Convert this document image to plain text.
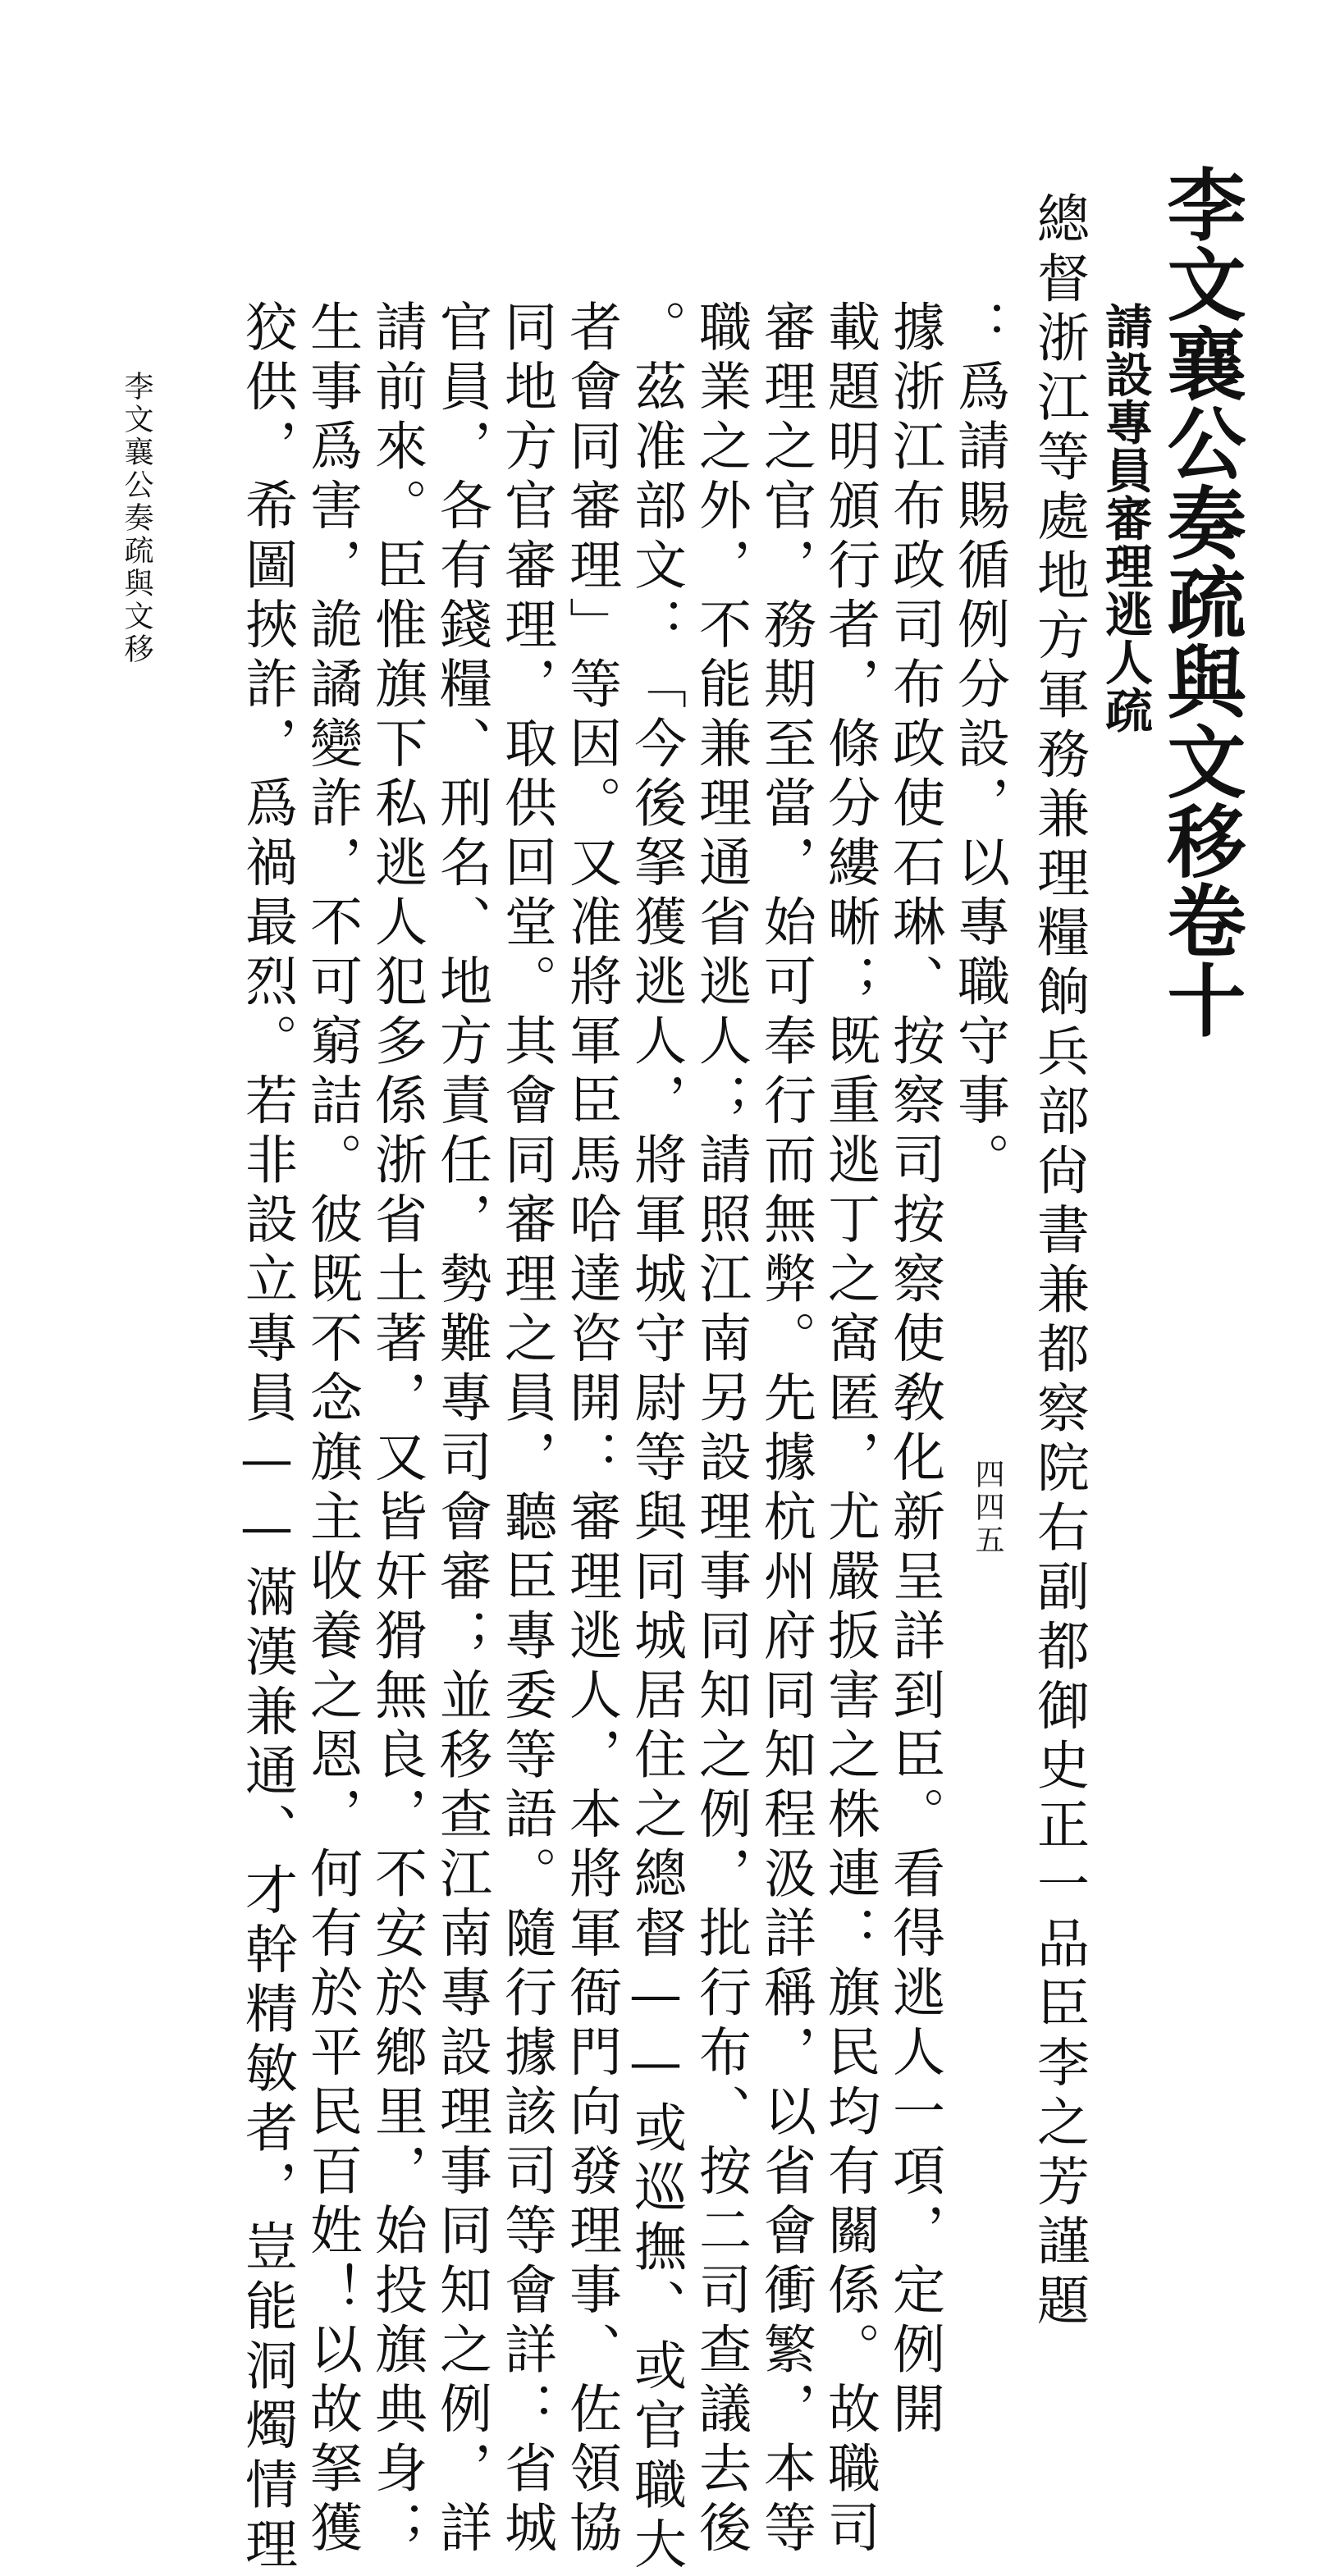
李文襄公奏疏與文移卷十
請設專員審理逃人疏
總督浙江等處地方軍務兼理糧餉兵部尙書兼都察院右副都御史正一品臣李之芳謹題
：爲請賜循例分設，以專職守事。
據浙江布政司布政使石琳、按察司按察使敎化新呈詳到臣。看得逃人一項，定例開
載題明頒行者，條分縷晰；既重逃丁之窩匿，尤嚴扳害之株連：旗民均有關係。故職司
審理之官，務期至當，始可奉行而無弊。先據杭州府同知程汲詳稱，以省會衝繁，本等
職業之外，不能兼理通省逃人；請照江南另設理事同知之例，批行布、按二司查議去後
。茲准部文：「今後拏獲逃人，將軍城守尉等與同城居住之總督——或巡撫、或官職大
者會同審理」等因。又准將軍臣馬哈達咨開：審理逃人，本將軍衙門向發理事、佐領協
同地方官審理，取供回堂。其會同審理之員，聽臣專委等語。隨行據該司等會詳：省城
官員，各有錢糧、刑名、地方責任，勢難專司會審；並移查江南專設理事同知之例，詳
請前來。臣惟旗下私逃人犯多係浙省土著，又皆奸猾無良，不安於鄕里，始投旗典身；
生事爲害，詭譎變詐，不可窮詰。彼既不念旗主收養之恩，何有於平民百姓！以故拏獲
狡供，希圖挾詐，爲禍最烈。若非設立專員——滿漢兼通、才幹精敏者，豈能洞燭情理
李文襄公奏疏與文移
四四五
